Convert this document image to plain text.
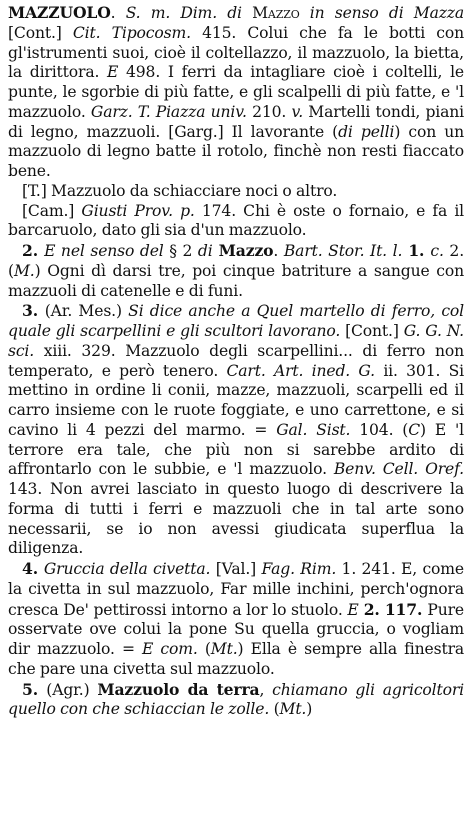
MAZZUOLO. S. m. Dim. di Mazzo in senso di Mazza [Cont.] Cit. Tipocosm. 415. Colui che fa le botti con gl'istrumenti suoi, cioè il coltellazzo, il mazzuolo, la bietta, la dirittora. E 498. I ferri da intagliare cioè i coltelli, le punte, le sgorbie di più fatte, e gli scalpelli di più fatte, e 'l mazzuolo. Garz. T. Piazza univ. 210. v. Martelli tondi, piani di legno, mazzuoli. [Garg.] Il lavorante (di pelli) con un mazzuolo di legno batte il rotolo, finchè non resti fiaccato bene.

[T.] Mazzuolo da schiacciare noci o altro.

[Cam.] Giusti Prov. p. 174. Chi è oste o fornaio, e fa il barcaruolo, dato gli sia d'un mazzuolo.

2. E nel senso del § 2 di Mazzo. Bart. Stor. It. l. 1. c. 2. (M.) Ogni dì darsi tre, poi cinque batriture a sangue con mazzuoli di catenelle e di funi.

3. (Ar. Mes.) Si dice anche a Quel martello di ferro, col quale gli scarpellini e gli scultori lavorano. [Cont.] G. G. N. sci. xiii. 329. Mazzuolo degli scarpellini... di ferro non temperato, e però tenero. Cart. Art. ined. G. ii. 301. Si mettino in ordine li conii, mazze, mazzuoli, scarpelli ed il carro insieme con le ruote foggiate, e uno carrettone, e si cavino li 4 pezzi del marmo. = Gal. Sist. 104. (C) E 'l terrore era tale, che più non si sarebbe ardito di affrontarlo con le subbie, e 'l mazzuolo. Benv. Cell. Oref. 143. Non avrei lasciato in questo luogo di descrivere la forma di tutti i ferri e mazzuoli che in tal arte sono necessarii, se io non avessi giudicata superflua la diligenza.

4. Gruccia della civetta. [Val.] Fag. Rim. 1. 241. E, come la civetta in sul mazzuolo, Far mille inchini, perch'ognora cresca De' pettirossi intorno a lor lo stuolo. E 2. 117. Pure osservate ove colui la pone Su quella gruccia, o vogliam dir mazzuolo. = E com. (Mt.) Ella è sempre alla finestra che pare una civetta sul mazzuolo.

5. (Agr.) Mazzuolo da terra, chiamano gli agricoltori quello con che schiaccian le zolle. (Mt.)
